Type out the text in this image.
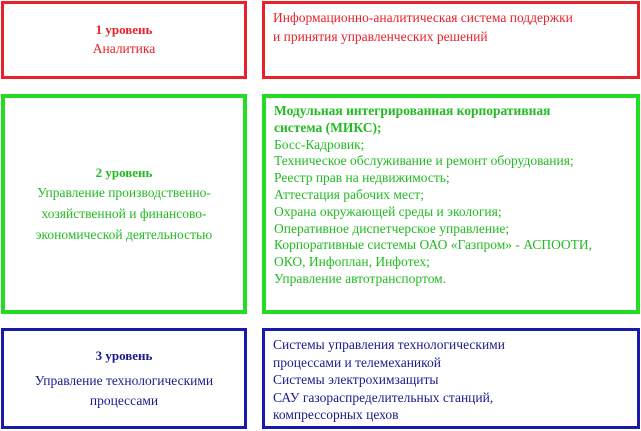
1 уровень
Аналитика
Информационно-аналитическая система поддержки
и принятия управленческих решений
2 уровень
Управление производственно-
хозяйственной и финансово-
экономической деятельностью
Модульная интегрированная корпоративная
система (МИКС);
Босс-Кадровик;
Техническое обслуживание и ремонт оборудования;
Реестр прав на недвижимость;
Аттестация рабочих мест;
Охрана окружающей среды и экология;
Оперативное диспетчерское управление;
Корпоративные системы ОАО «Газпром» - АСПООТИ,
ОКО, Инфоплан, Инфотех;
Управление автотранспортом.
3 уровень
Управление технологическими
процессами
Системы управления технологическими
процессами и телемеханикой
Системы электрохимзащиты
САУ газораспределительных станций,
компрессорных цехов
